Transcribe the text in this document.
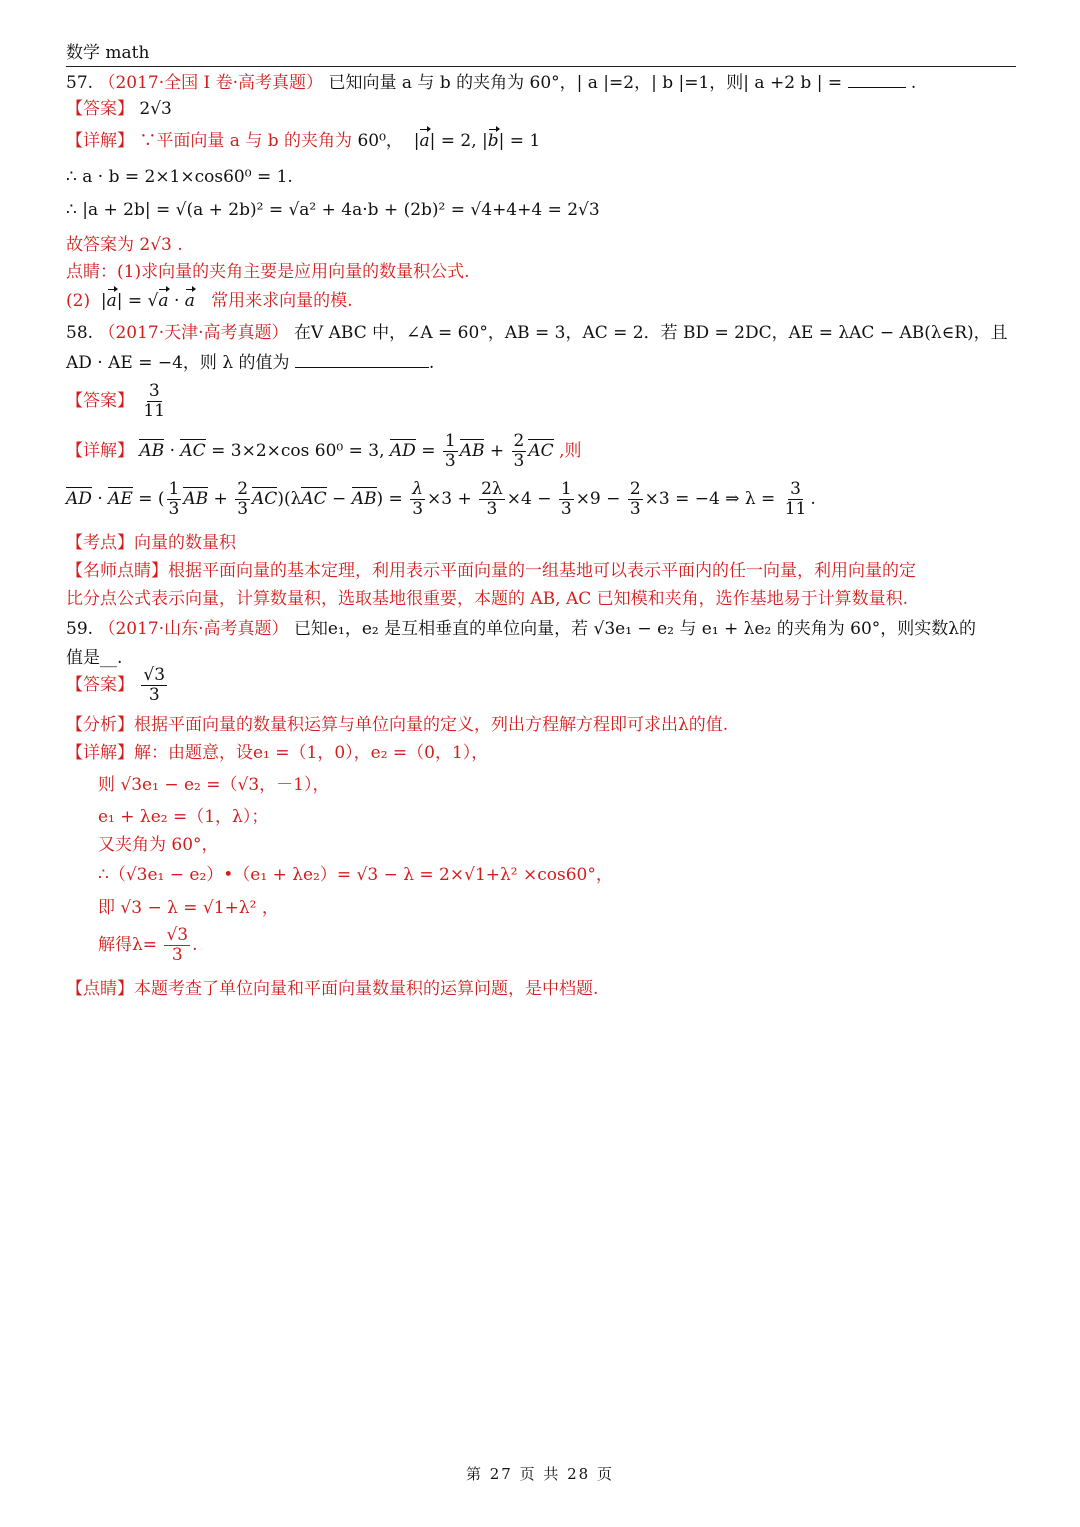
数学 math
57. （2017·全国 I 卷·高考真题） 已知向量 a 与 b 的夹角为 60°，| a |=2，| b |=1，则| a +2 b | =	.
【答案】 2√3
【详解】 ∵平面向量 a 与 b 的夹角为 60⁰，  |a| = 2, |b| = 1
∴ a · b = 2×1×cos60⁰ = 1.
∴ |a + 2b| = √(a + 2b)² = √a² + 4a·b + (2b)² = √4+4+4 = 2√3
故答案为 2√3 .
点睛：(1)求向量的夹角主要是应用向量的数量积公式.
(2)  |a| = √a · a 常用来求向量的模.
58. （2017·天津·高考真题） 在V ABC 中，∠A = 60°，AB = 3，AC = 2．若 BD = 2DC，AE = λAC − AB(λ∈R)，且
AD · AE = −4，则 λ 的值为	.
【答案】 $\frac{3}{11}$
【详解】 AB · AC = 3×2×cos 60⁰ = 3, AD = $\frac{1}{3}$ AB + $\frac{2}{3}$ AC ,则
AD · AE = ( $\frac{1}{3}$ AB + $\frac{2}{3} AC)(\lambda AC - AB) = \frac{\lambda}{3} \times 3 + \frac{2\lambda}{3} \times 4 - \frac{1}{3} \times 9 - \frac{2}{3} \times 3 = -4$ ⇒ $\lambda = \frac{3}{11}$ .
【考点】向量的数量积
【名师点睛】根据平面向量的基本定理，利用表示平面向量的一组基地可以表示平面内的任一向量，利用向量的定
比分点公式表示向量，计算数量积，选取基地很重要，本题的 AB, AC 已知模和夹角，选作基地易于计算数量积.
59. （2017·山东·高考真题） 已知e₁，e₂ 是互相垂直的单位向量，若 √3e₁ − e₂ 与 e₁ + λe₂ 的夹角为 60°，则实数λ的
值是__.
【答案】 $\frac{√3}{3}$
【分析】根据平面向量的数量积运算与单位向量的定义，列出方程解方程即可求出λ的值.
【详解】解：由题意，设e₁ =（1，0），e₂ =（0，1），
则 √3e₁ − e₂ =（√3，－1），
e₁ + λe₂ =（1，λ）；
又夹角为 60°，
∴（√3e₁ − e₂）•（e₁ + λe₂）= √3 − λ = 2×√1+λ² ×cos60°，
即 √3 − λ = √1+λ² ，
解得$\lambda= \frac{√3}{3}$ .
【点睛】本题考查了单位向量和平面向量数量积的运算问题，是中档题.
第 27 页 共 28 页
